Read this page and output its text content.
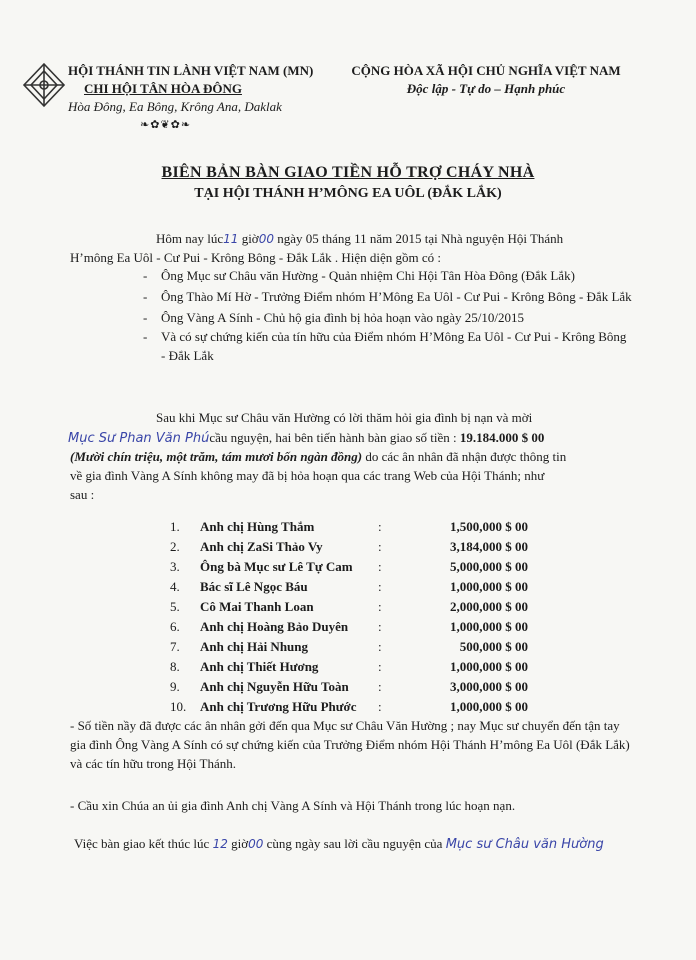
HỘI THÁNH TIN LÀNH VIỆT NAM (MN)
CHI HỘI TÂN HÒA ĐÔNG
Hòa Đông, Ea Bông, Krông Ana, Daklak
❧✿❦✿❧
CỘNG HÒA XÃ HỘI CHỦ NGHĨA VIỆT NAM
Độc lập - Tự do – Hạnh phúc
BIÊN BẢN BÀN GIAO TIỀN HỖ TRỢ CHÁY NHÀ
TẠI HỘI THÁNH H’MÔNG EA UÔL (ĐẮK LẮK)
Hôm nay lúc11 giờ00 ngày 05 tháng 11 năm 2015 tại Nhà nguyện Hội Thánh
H’mông Ea Uôl - Cư Pui - Krông Bông - Đắk Lắk . Hiện diện gồm có :
-	Ông Mục sư Châu văn Hường - Quản nhiệm Chi Hội Tân Hòa Đông (Đắk Lắk)
-	Ông Thào Mí Hờ - Trưởng Điểm nhóm H’Mông Ea Uôl - Cư Pui - Krông Bông - Đắk Lắk
-	Ông Vàng A Sính - Chủ hộ gia đình bị hỏa hoạn vào ngày 25/10/2015
-	Và có sự chứng kiến của tín hữu của Điểm nhóm H’Mông Ea Uôl - Cư Pui - Krông Bông - Đắk Lắk
Sau khi Mục sư Châu văn Hường có lời thăm hỏi gia đình bị nạn và mời
Mục Sư Phan Văn Phúcầu nguyện, hai bên tiến hành bàn giao số tiền : 19.184.000 $ 00
(Mười chín triệu, một trăm, tám mươi bốn ngàn đồng) do các ân nhân đã nhận được thông tin
về gia đình Vàng A Sính không may đã bị hỏa hoạn qua các trang Web của Hội Thánh; như
sau :
1.	Anh chị Hùng Thắm	:	1,500,000 $ 00
2.	Anh chị ZaSi Thảo Vy	:	3,184,000 $ 00
3.	Ông bà Mục sư Lê Tự Cam	:	5,000,000 $ 00
4.	Bác sĩ Lê Ngọc Báu	:	1,000,000 $ 00
5.	Cô Mai Thanh Loan	:	2,000,000 $ 00
6.	Anh chị Hoàng Bảo Duyên	:	1,000,000 $ 00
7.	Anh chị Hải Nhung	:	500,000 $ 00
8.	Anh chị Thiết Hương	:	1,000,000 $ 00
9.	Anh chị Nguyễn Hữu Toàn	:	3,000,000 $ 00
10.	Anh chị Trương Hữu Phước	:	1,000,000 $ 00
- Số tiền nầy đã được các ân nhân gởi đến qua Mục sư Châu Văn Hường ; nay Mục sư chuyển đến tận tay gia đình Ông Vàng A Sính có sự chứng kiến của Trưởng Điểm nhóm Hội Thánh H’mông Ea Uôl (Đắk Lắk) và các tín hữu trong Hội Thánh.
- Cầu xin Chúa an ủi gia đình Anh chị Vàng A Sính và Hội Thánh trong lúc hoạn nạn.
Việc bàn giao kết thúc lúc 12 giờ00 cùng ngày sau lời cầu nguyện của Mục sư Châu văn Hường
